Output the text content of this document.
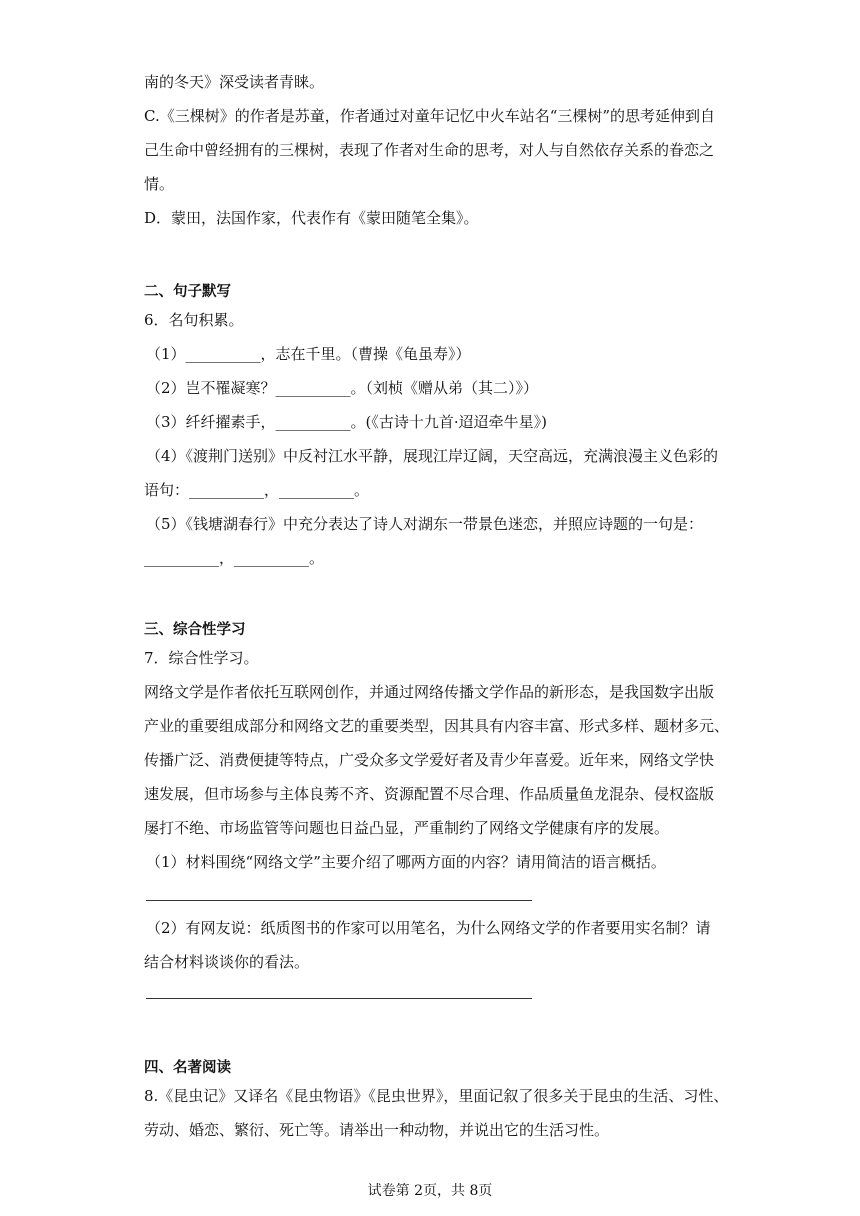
南的冬天》深受读者青睐。
C.《三棵树》的作者是苏童，作者通过对童年记忆中火车站名“三棵树”的思考延伸到自
己生命中曾经拥有的三棵树，表现了作者对生命的思考，对人与自然依存关系的眷恋之
情。
D．蒙田，法国作家，代表作有《蒙田随笔全集》。
二、句子默写
6．名句积累。
（1）__________，志在千里。（曹操《龟虽寿》）
（2）岂不罹凝寒？__________。（刘桢《赠从弟（其二）》）
（3）纤纤擢素手，__________。(《古诗十九首·迢迢牵牛星》)
（4）《渡荆门送别》中反衬江水平静，展现江岸辽阔，天空高远，充满浪漫主义色彩的
语句：__________，__________。
（5）《钱塘湖春行》中充分表达了诗人对湖东一带景色迷恋，并照应诗题的一句是：
__________，__________。
三、综合性学习
7．综合性学习。
网络文学是作者依托互联网创作，并通过网络传播文学作品的新形态，是我国数字出版
产业的重要组成部分和网络文艺的重要类型，因其具有内容丰富、形式多样、题材多元、
传播广泛、消费便捷等特点，广受众多文学爱好者及青少年喜爱。近年来，网络文学快
速发展，但市场参与主体良莠不齐、资源配置不尽合理、作品质量鱼龙混杂、侵权盗版
屡打不绝、市场监管等问题也日益凸显，严重制约了网络文学健康有序的发展。
（1）材料围绕“网络文学”主要介绍了哪两方面的内容？请用简洁的语言概括。
（2）有网友说：纸质图书的作家可以用笔名，为什么网络文学的作者要用实名制？请
结合材料谈谈你的看法。
四、名著阅读
8.《昆虫记》又译名《昆虫物语》《昆虫世界》，里面记叙了很多关于昆虫的生活、习性、
劳动、婚恋、繁衍、死亡等。请举出一种动物，并说出它的生活习性。
试卷第 2页，共 8页
